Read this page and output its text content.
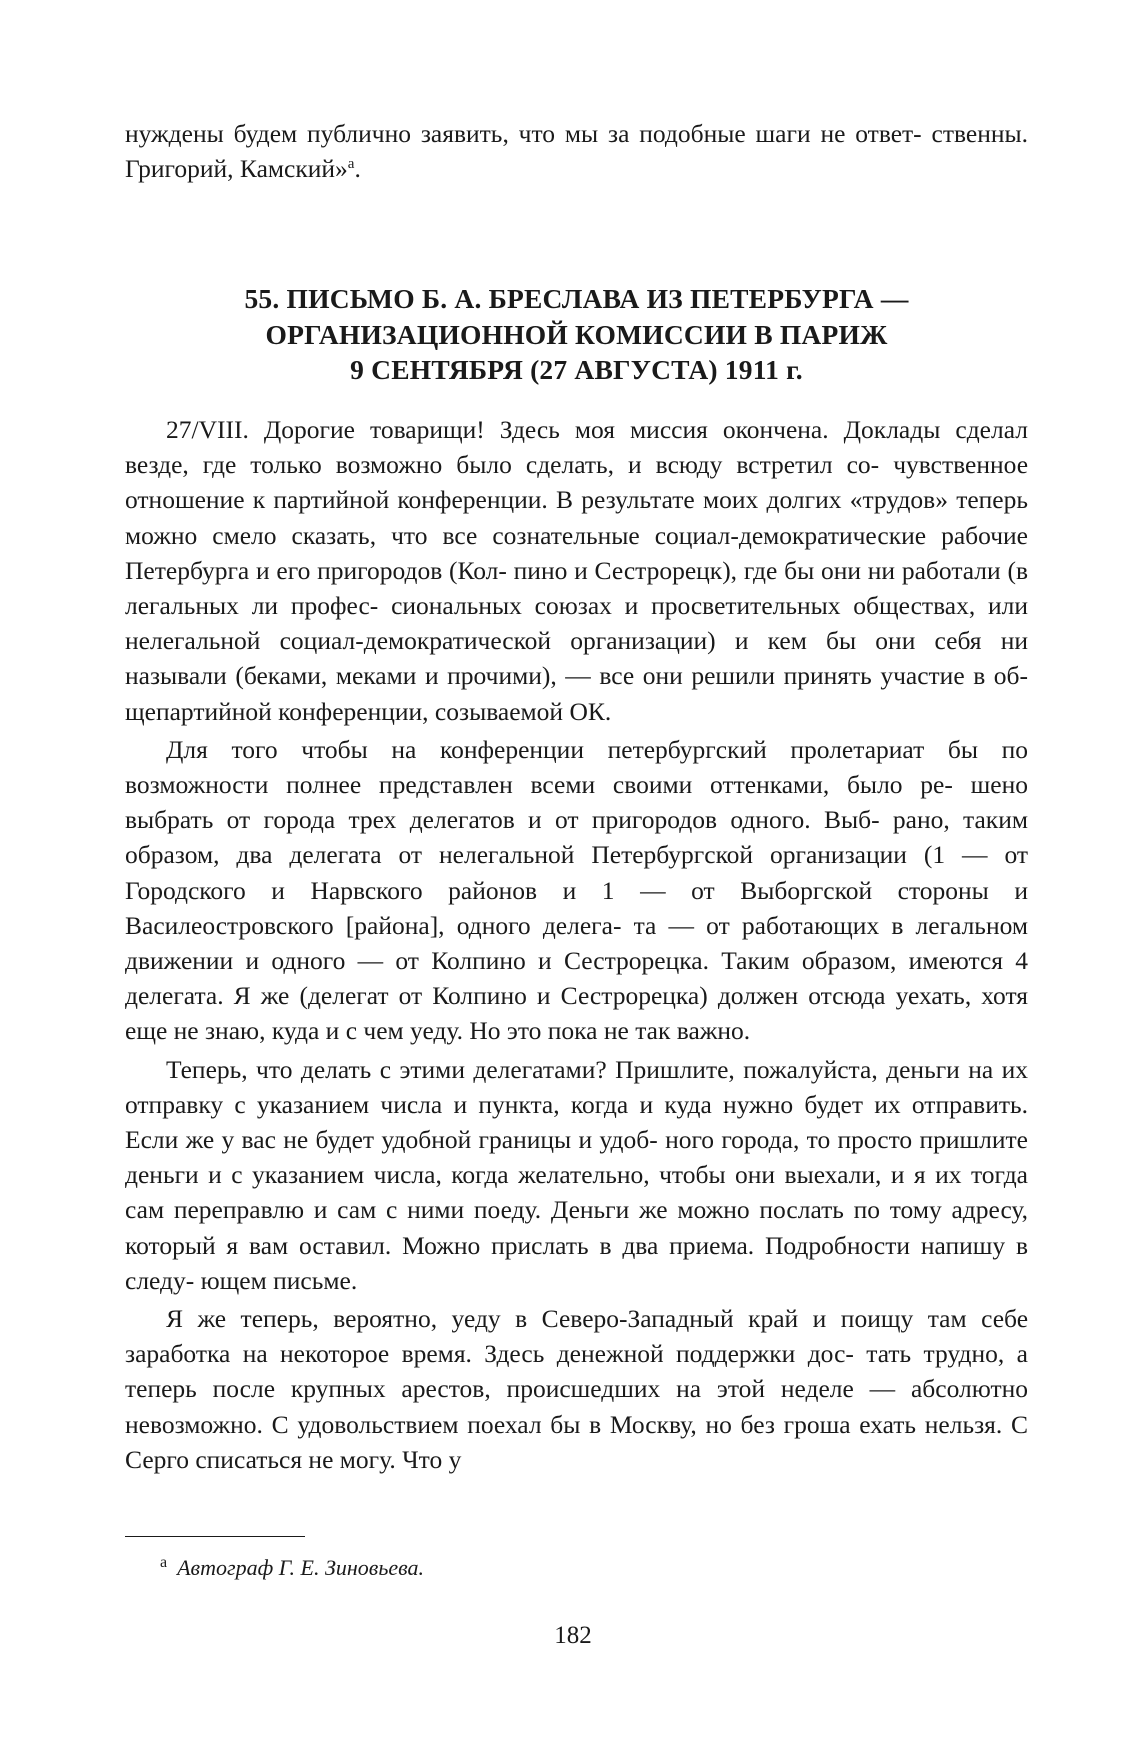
нуждены будем публично заявить, что мы за подобные шаги не ответ- ственны. Григорий, Камский»$^а$.

55. ПИСЬМО Б. А. БРЕСЛАВА ИЗ ПЕТЕРБУРГА —

ОРГАНИЗАЦИОННОЙ КОМИССИИ В ПАРИЖ

9 СЕНТЯБРЯ (27 АВГУСТА) 1911 г.

27/VIII. Дорогие товарищи! Здесь моя миссия окончена. Доклады сделал везде, где только возможно было сделать, и всюду встретил со- чувственное отношение к партийной конференции. В результате моих долгих «трудов» теперь можно смело сказать, что все сознательные социал-демократические рабочие Петербурга и его пригородов (Кол- пино и Сестрорецк), где бы они ни работали (в легальных ли профес- сиональных союзах и просветительных обществах, или нелегальной социал-демократической организации) и кем бы они себя ни называли (беками, меками и прочими), — все они решили принять участие в об- щепартийной конференции, созываемой ОК.

Для того чтобы на конференции петербургский пролетариат бы по возможности полнее представлен всеми своими оттенками, было ре- шено выбрать от города трех делегатов и от пригородов одного. Выб- рано, таким образом, два делегата от нелегальной Петербургской организации (1 — от Городского и Нарвского районов и 1 — от Выборгской стороны и Василеостровского [района], одного делега- та — от работающих в легальном движении и одного — от Колпино и Сестрорецка. Таким образом, имеются 4 делегата. Я же (делегат от Колпино и Сестрорецка) должен отсюда уехать, хотя еще не знаю, куда и с чем уеду. Но это пока не так важно.

Теперь, что делать с этими делегатами? Пришлите, пожалуйста, деньги на их отправку с указанием числа и пункта, когда и куда нужно будет их отправить. Если же у вас не будет удобной границы и удоб- ного города, то просто пришлите деньги и с указанием числа, когда желательно, чтобы они выехали, и я их тогда сам переправлю и сам с ними поеду. Деньги же можно послать по тому адресу, который я вам оставил. Можно прислать в два приема. Подробности напишу в следу- ющем письме.

Я же теперь, вероятно, уеду в Северо-Западный край и поищу там себе заработка на некоторое время. Здесь денежной поддержки дос- тать трудно, а теперь после крупных арестов, происшедших на этой неделе — абсолютно невозможно. С удовольствием поехал бы в Москву, но без гроша ехать нельзя. С Серго списаться не могу. Что у

$^а$ Автограф Г. Е. Зиновьева.
182
